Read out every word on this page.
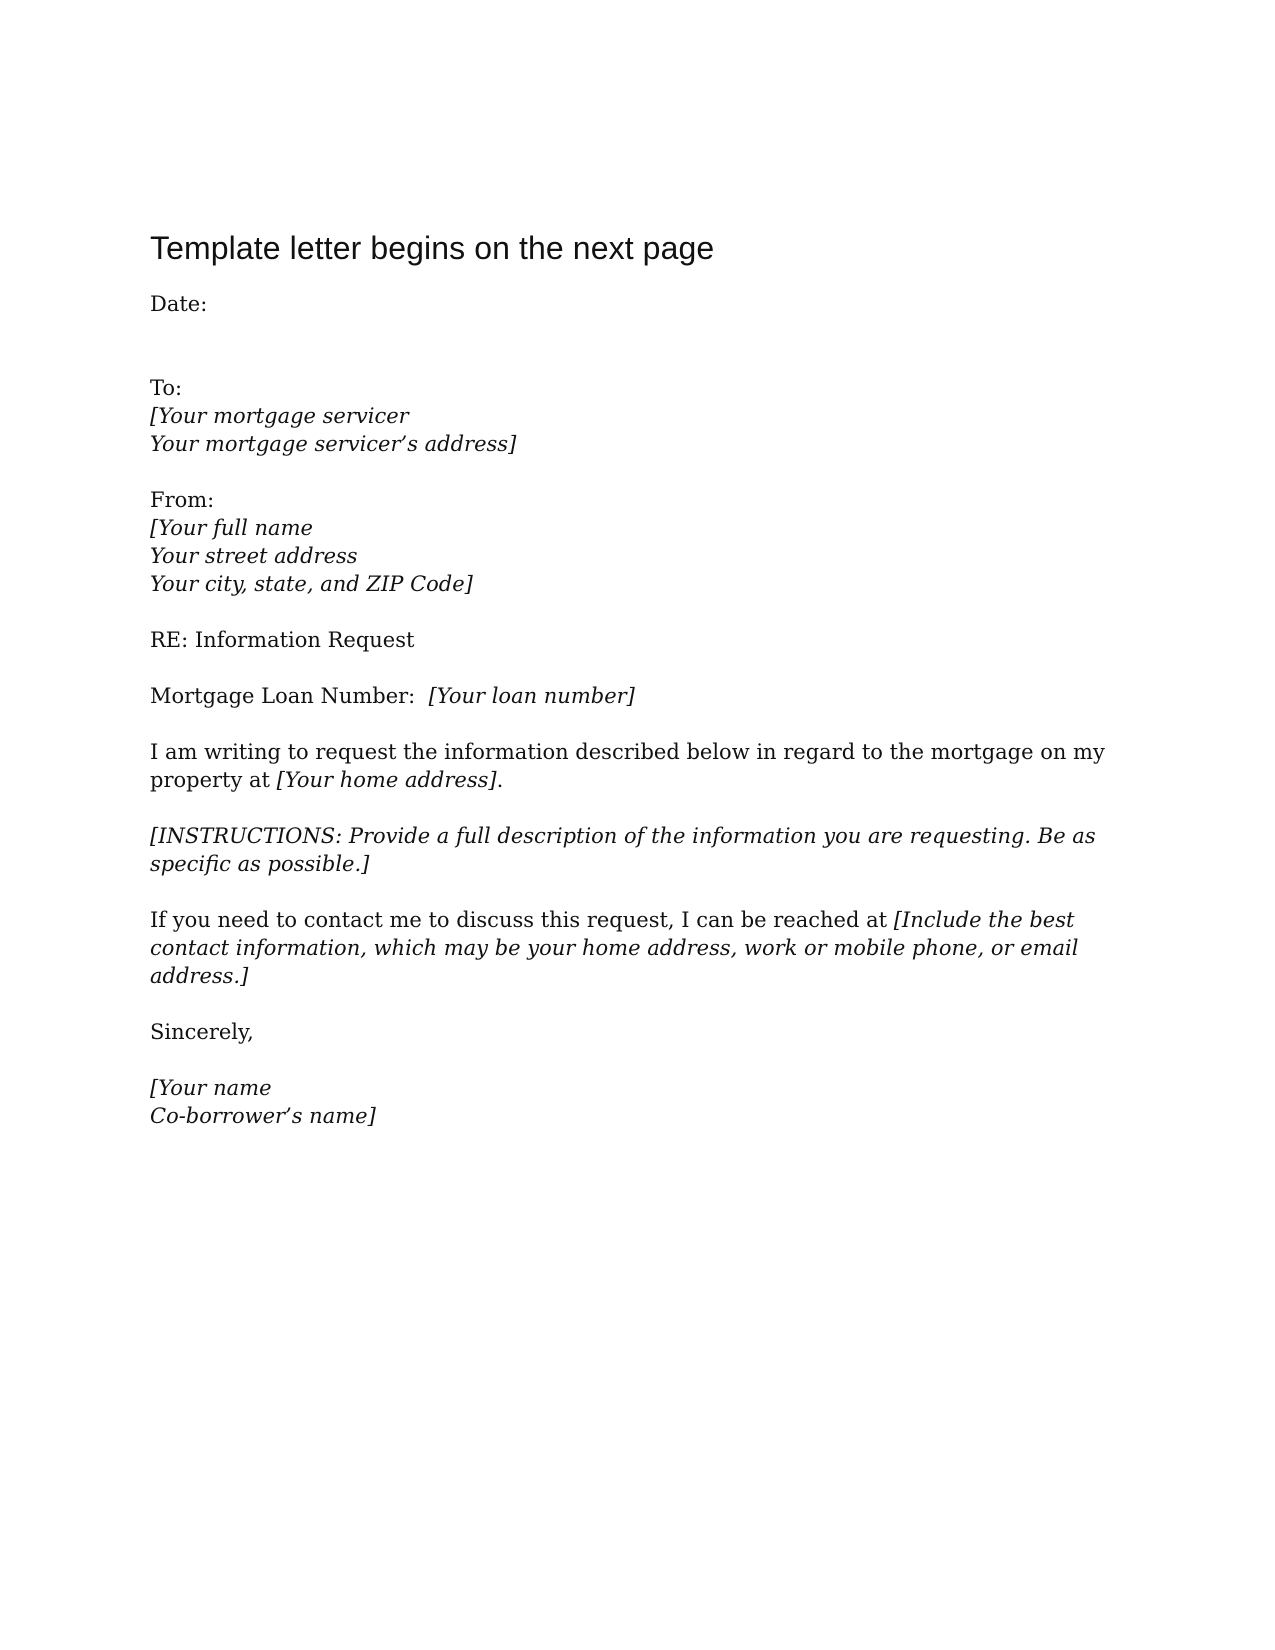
Template letter begins on the next page
Date:
To:
[Your mortgage servicer
Your mortgage servicer’s address]
From:
[Your full name
Your street address
Your city, state, and ZIP Code]
RE: Information Request
Mortgage Loan Number:  [Your loan number]

I am writing to request the information described below in regard to the mortgage on my property at [Your home address].

[INSTRUCTIONS: Provide a full description of the information you are requesting. Be as specific as possible.]

If you need to contact me to discuss this request, I can be reached at [Include the best contact information, which may be your home address, work or mobile phone, or email address.]

Sincerely,
[Your name
Co-borrower’s name]
